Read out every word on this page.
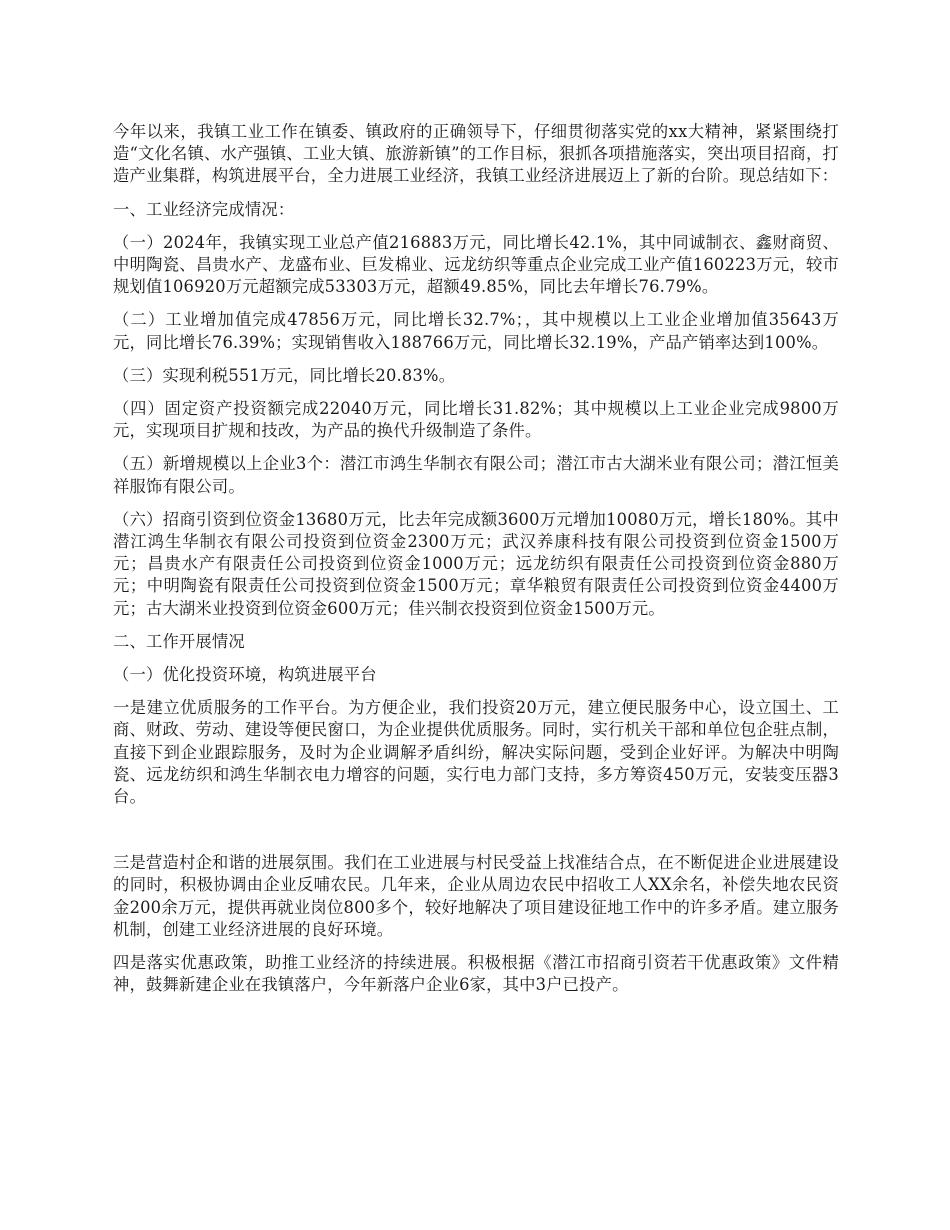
今年以来，我镇工业工作在镇委、镇政府的正确领导下，仔细贯彻落实党的xx大精神，紧紧围绕打造“文化名镇、水产强镇、工业大镇、旅游新镇”的工作目标，狠抓各项措施落实，突出项目招商，打造产业集群，构筑进展平台，全力进展工业经济，我镇工业经济进展迈上了新的台阶。现总结如下：

一、工业经济完成情况：

（一）2024年，我镇实现工业总产值216883万元，同比增长42.1%，其中同诚制衣、鑫财商贸、中明陶瓷、昌贵水产、龙盛布业、巨发棉业、远龙纺织等重点企业完成工业产值160223万元，较市规划值106920万元超额完成53303万元，超额49.85%，同比去年增长76.79%。

（二）工业增加值完成47856万元，同比增长32.7%；，其中规模以上工业企业增加值35643万元，同比增长76.39%；实现销售收入188766万元，同比增长32.19%，产品产销率达到100%。

（三）实现利税551万元，同比增长20.83%。

（四）固定资产投资额完成22040万元，同比增长31.82%；其中规模以上工业企业完成9800万元，实现项目扩规和技改，为产品的换代升级制造了条件。

（五）新增规模以上企业3个：潜江市鸿生华制衣有限公司；潜江市古大湖米业有限公司；潜江恒美祥服饰有限公司。

（六）招商引资到位资金13680万元，比去年完成额3600万元增加10080万元，增长180%。其中潜江鸿生华制衣有限公司投资到位资金2300万元；武汉养康科技有限公司投资到位资金1500万元；昌贵水产有限责任公司投资到位资金1000万元；远龙纺织有限责任公司投资到位资金880万元；中明陶瓷有限责任公司投资到位资金1500万元；章华粮贸有限责任公司投资到位资金4400万元；古大湖米业投资到位资金600万元；佳兴制衣投资到位资金1500万元。

二、工作开展情况

（一）优化投资环境，构筑进展平台

一是建立优质服务的工作平台。为方便企业，我们投资20万元，建立便民服务中心，设立国土、工商、财政、劳动、建设等便民窗口，为企业提供优质服务。同时，实行机关干部和单位包企驻点制，直接下到企业跟踪服务，及时为企业调解矛盾纠纷，解决实际问题，受到企业好评。为解决中明陶瓷、远龙纺织和鸿生华制衣电力增容的问题，实行电力部门支持，多方筹资450万元，安装变压器3台。

三是营造村企和谐的进展氛围。我们在工业进展与村民受益上找准结合点，在不断促进企业进展建设的同时，积极协调由企业反哺农民。几年来，企业从周边农民中招收工人XX余名，补偿失地农民资金200余万元，提供再就业岗位800多个，较好地解决了项目建设征地工作中的许多矛盾。建立服务机制，创建工业经济进展的良好环境。

四是落实优惠政策，助推工业经济的持续进展。积极根据《潜江市招商引资若干优惠政策》文件精神，鼓舞新建企业在我镇落户，今年新落户企业6家，其中3户已投产。
